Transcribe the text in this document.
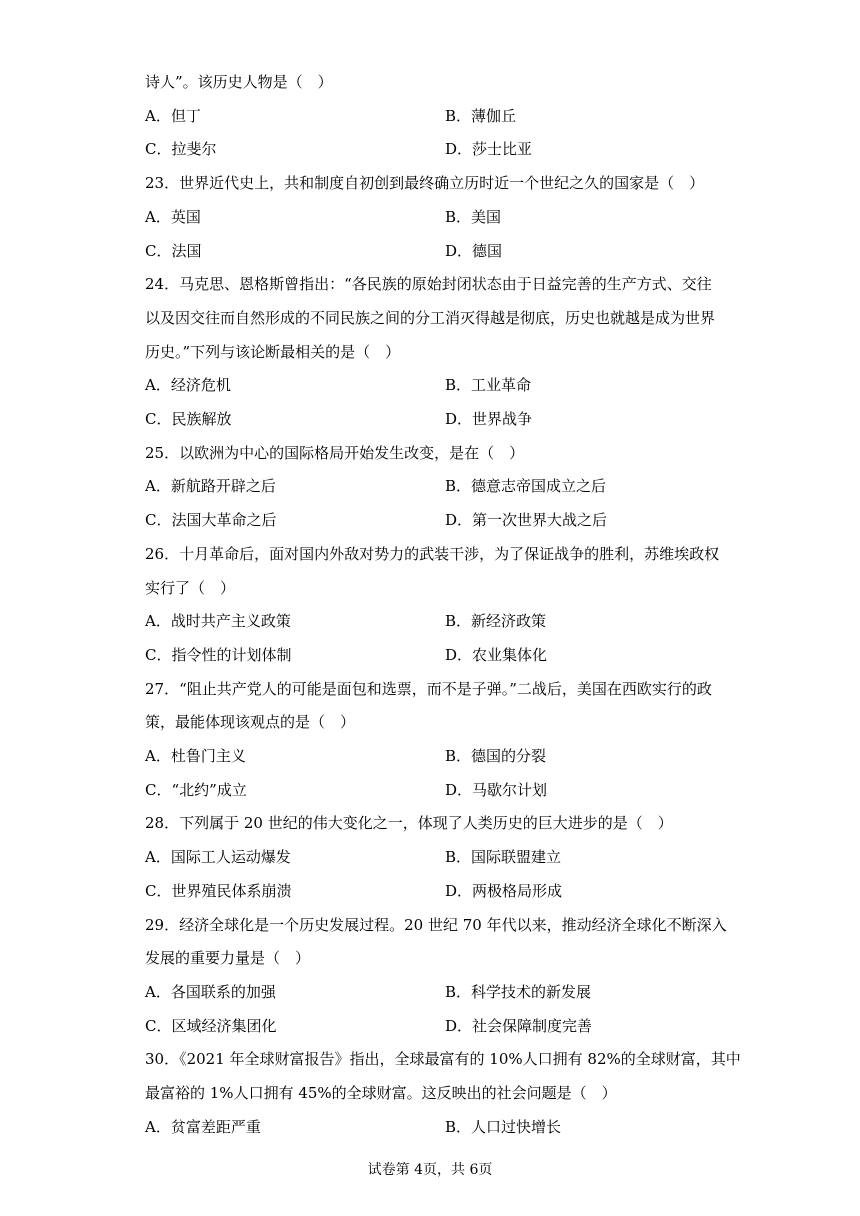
诗人”。该历史人物是（　）
A．但丁	B．薄伽丘
C．拉斐尔	D．莎士比亚
23．世界近代史上，共和制度自初创到最终确立历时近一个世纪之久的国家是（　）
A．英国	B．美国
C．法国	D．德国
24．马克思、恩格斯曾指出：“各民族的原始封闭状态由于日益完善的生产方式、交往
以及因交往而自然形成的不同民族之间的分工消灭得越是彻底，历史也就越是成为世界
历史。”下列与该论断最相关的是（　）
A．经济危机	B．工业革命
C．民族解放	D．世界战争
25．以欧洲为中心的国际格局开始发生改变，是在（　）
A．新航路开辟之后	B．德意志帝国成立之后
C．法国大革命之后	D．第一次世界大战之后
26．十月革命后，面对国内外敌对势力的武装干涉，为了保证战争的胜利，苏维埃政权
实行了（　）
A．战时共产主义政策	B．新经济政策
C．指令性的计划体制	D．农业集体化
27．“阻止共产党人的可能是面包和选票，而不是子弹。”二战后，美国在西欧实行的政
策，最能体现该观点的是（　）
A．杜鲁门主义	B．德国的分裂
C．“北约”成立	D．马歇尔计划
28．下列属于 20 世纪的伟大变化之一，体现了人类历史的巨大进步的是（　）
A．国际工人运动爆发	B．国际联盟建立
C．世界殖民体系崩溃	D．两极格局形成
29．经济全球化是一个历史发展过程。20 世纪 70 年代以来，推动经济全球化不断深入
发展的重要力量是（　）
A．各国联系的加强	B．科学技术的新发展
C．区域经济集团化	D．社会保障制度完善
30．《2021 年全球财富报告》指出，全球最富有的 10%人口拥有 82%的全球财富，其中
最富裕的 1%人口拥有 45%的全球财富。这反映出的社会问题是（　）
A．贫富差距严重	B．人口过快增长
试卷第 4页，共 6页
